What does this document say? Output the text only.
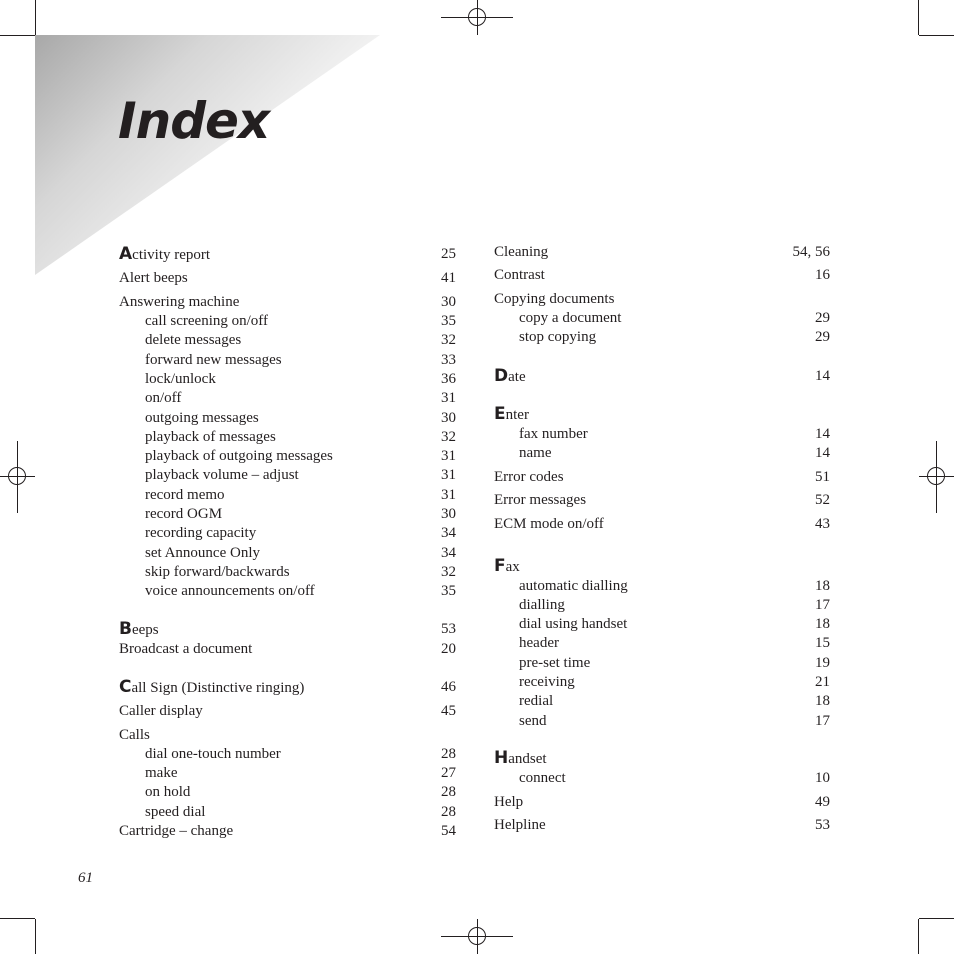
Index
Activity report	25
Alert beeps	41
Answering machine	30
call screening on/off	35
delete messages	32
forward new messages	33
lock/unlock	36
on/off	31
outgoing messages	30
playback of messages	32
playback of outgoing messages	31
playback volume – adjust	31
record memo	31
record OGM	30
recording capacity	34
set Announce Only	34
skip forward/backwards	32
voice announcements on/off	35
Beeps	53
Broadcast a document	20
Call Sign (Distinctive ringing)	46
Caller display	45
Calls
dial one-touch number	28
make	27
on hold	28
speed dial	28
Cartridge – change	54
Cleaning	54, 56
Contrast	16
Copying documents
copy a document	29
stop copying	29
Date	14
Enter
fax number	14
name	14
Error codes	51
Error messages	52
ECM mode on/off	43
Fax
automatic dialling	18
dialling	17
dial using handset	18
header	15
pre-set time	19
receiving	21
redial	18
send	17
Handset
connect	10
Help	49
Helpline	53
61
